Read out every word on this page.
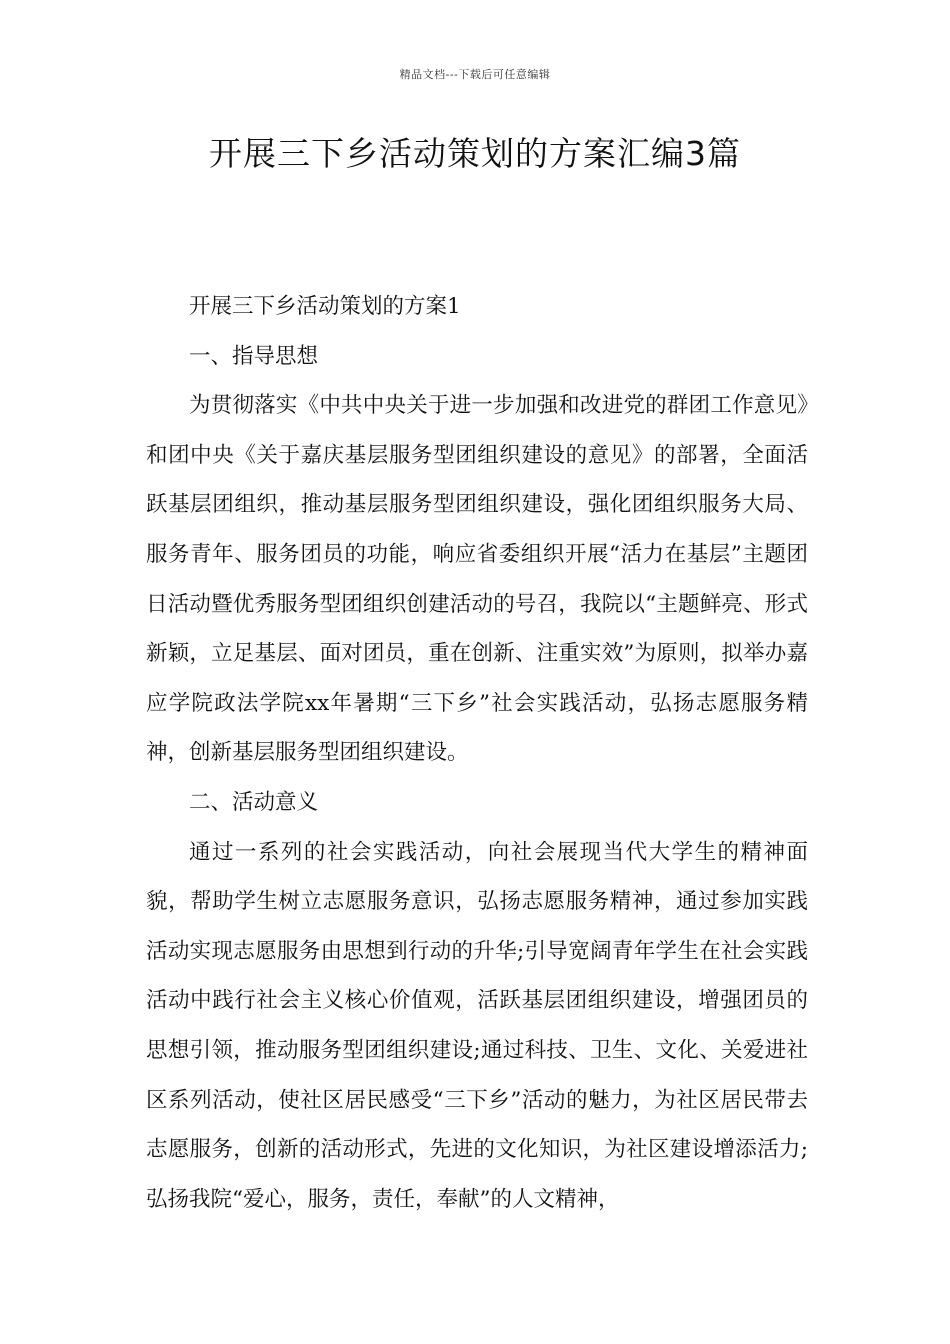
精品文档---下载后可任意编辑
开展三下乡活动策划的方案汇编3篇

开展三下乡活动策划的方案1

一、指导思想

为贯彻落实《中共中央关于进一步加强和改进党的群团工作意见》和团中央《关于嘉庆基层服务型团组织建设的意见》的部署，全面活跃基层团组织，推动基层服务型团组织建设，强化团组织服务大局、服务青年、服务团员的功能，响应省委组织开展“活力在基层”主题团日活动暨优秀服务型团组织创建活动的号召，我院以“主题鲜亮、形式新颖，立足基层、面对团员，重在创新、注重实效”为原则，拟举办嘉应学院政法学院xx年暑期“三下乡”社会实践活动，弘扬志愿服务精神，创新基层服务型团组织建设。

二、活动意义

通过一系列的社会实践活动，向社会展现当代大学生的精神面貌，帮助学生树立志愿服务意识，弘扬志愿服务精神，通过参加实践活动实现志愿服务由思想到行动的升华;引导宽阔青年学生在社会实践活动中践行社会主义核心价值观，活跃基层团组织建设，增强团员的思想引领，推动服务型团组织建设;通过科技、卫生、文化、关爱进社区系列活动，使社区居民感受“三下乡”活动的魅力，为社区居民带去志愿服务，创新的活动形式，先进的文化知识，为社区建设增添活力;弘扬我院“爱心，服务，责任，奉献”的人文精神，
